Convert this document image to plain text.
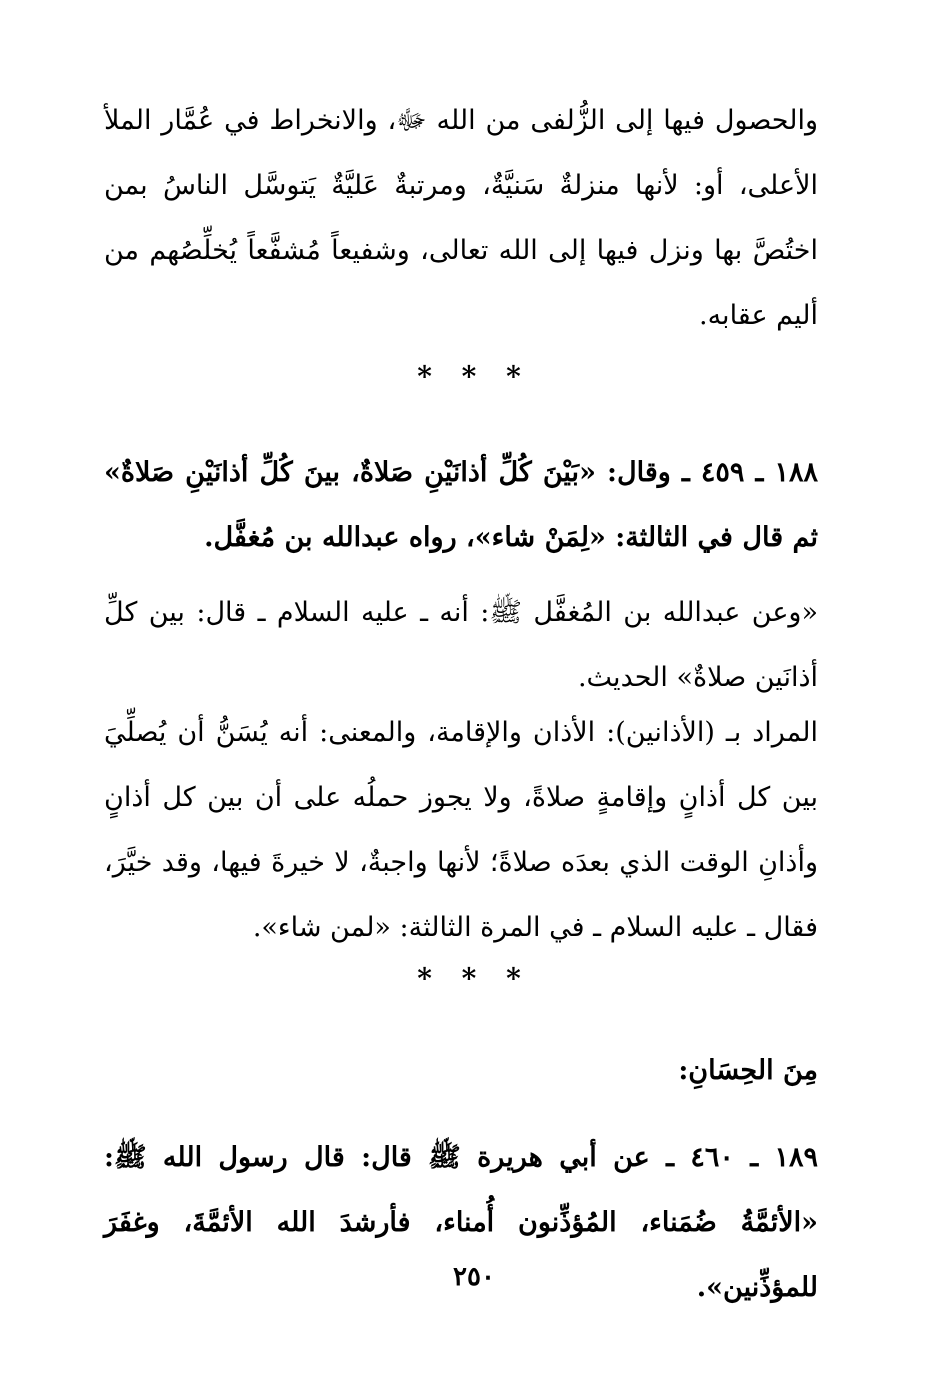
والحصول فيها إلى الزُّلفى من الله ﷻ، والانخراط في عُمَّار الملأ الأعلى، أو: لأنها منزلةٌ سَنيَّةٌ، ومرتبةٌ عَليَّةٌ يَتوسَّل الناسُ بمن اختُصَّ بها ونزل فيها إلى الله تعالى، وشفيعاً مُشفَّعاً يُخلِّصُهم من أليم عقابه.

* * *

١٨٨ ـ ٤٥٩ ـ وقال: «بَيْنَ كُلِّ أذانَيْنِ صَلاةٌ، بينَ كُلِّ أذانَيْنِ صَلاةٌ» ثم قال في الثالثة: «لِمَنْ شاء»، رواه عبدالله بن مُغفَّل.

«وعن عبدالله بن المُغفَّل ﷺ: أنه ـ عليه السلام ـ قال: بين كلِّ أذانَين صلاةٌ» الحديث.

المراد بـ (الأذانين): الأذان والإقامة، والمعنى: أنه يُسَنُّ أن يُصلِّيَ بين كل أذانٍ وإقامةٍ صلاةً، ولا يجوز حملُه على أن بين كل أذانٍ وأذانِ الوقت الذي بعدَه صلاةً؛ لأنها واجبةٌ، لا خيرةَ فيها، وقد خيَّرَ، فقال ـ عليه السلام ـ في المرة الثالثة: «لمن شاء».

* * *
مِنَ الحِسَانِ:

١٨٩ ـ ٤٦٠ ـ عن أبي هريرة ﷺ قال: قال رسول الله ﷺ: «الأئمَّةُ ضُمَناء، المُؤذِّنون أُمناء، فأرشدَ الله الأئمَّةَ، وغفَرَ للمؤذِّنين».

٢٥٠
